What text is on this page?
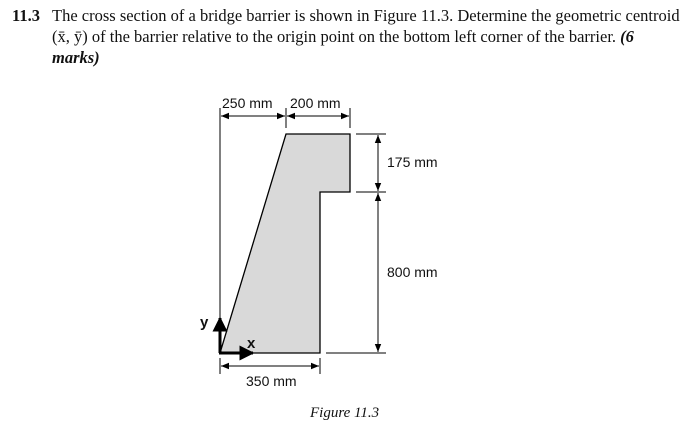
11.3 The cross section of a bridge barrier is shown in Figure 11.3. Determine the geometric centroid (x̄, ȳ) of the barrier relative to the origin point on the bottom left corner of the barrier. (6 marks)
250 mm 200 mm
175 mm
800 mm
350 mm
y
x
Figure 11.3
